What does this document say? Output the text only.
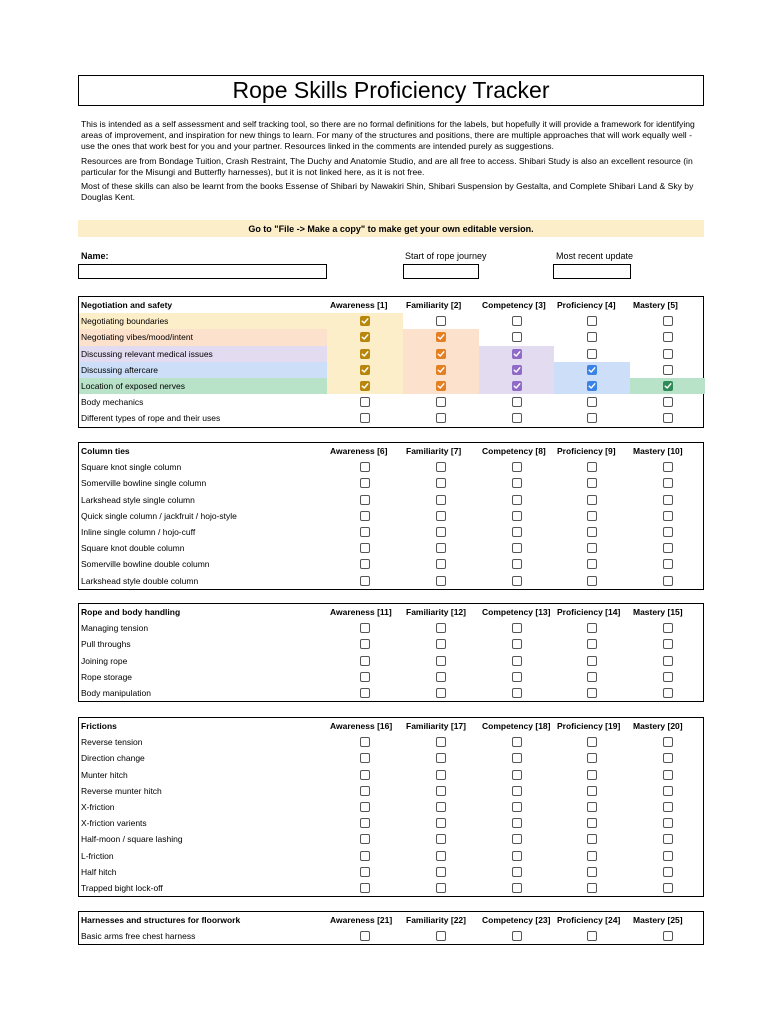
Rope Skills Proficiency Tracker

This is intended as a self assessment and self tracking tool, so there are no formal definitions for the labels, but hopefully it will provide a framework for identifying areas of improvement, and inspiration for new things to learn. For many of the structures and positions, there are multiple approaches that will work equally well - use the ones that work best for you and your partner. Resources linked in the comments are intended purely as suggestions.

Resources are from Bondage Tuition, Crash Restraint, The Duchy and Anatomie Studio, and are all free to access. Shibari Study is also an excellent resource (in particular for the Misungi and Butterfly harnesses), but it is not linked here, as it is not free.

Most of these skills can also be learnt from the books Essense of Shibari by Nawakiri Shin, Shibari Suspension by Gestalta, and Complete Shibari Land & Sky by Douglas Kent.

Go to "File -> Make a copy" to make get your own editable version.
Name:	Start of rope journey	Most recent update
Negotiation and safety	Awareness [1]	Familiarity [2]	Competency [3]	Proficiency [4]	Mastery [5]
Negotiating boundaries
Negotiating vibes/mood/intent
Discussing relevant medical issues
Discussing aftercare
Location of exposed nerves
Body mechanics
Different types of rope and their uses
Column ties	Awareness [6]	Familiarity [7]	Competency [8]	Proficiency [9]	Mastery [10]
Square knot single column
Somerville bowline single column
Larkshead style single column
Quick single column / jackfruit / hojo-style
Inline single column / hojo-cuff
Square knot double column
Somerville bowline double column
Larkshead style double column
Rope and body handling	Awareness [11]	Familiarity [12]	Competency [13] Proficiency [14]	Mastery [15]
Managing tension
Pull throughs
Joining rope
Rope storage
Body manipulation
Frictions	Awareness [16]	Familiarity [17]	Competency [18] Proficiency [19]	Mastery [20]
Reverse tension
Direction change
Munter hitch
Reverse munter hitch
X-friction
X-friction varients
Half-moon / square lashing
L-friction
Half hitch
Trapped bight lock-off
Harnesses and structures for floorwork	Awareness [21]	Familiarity [22]	Competency [23] Proficiency [24]	Mastery [25]
Basic arms free chest harness
